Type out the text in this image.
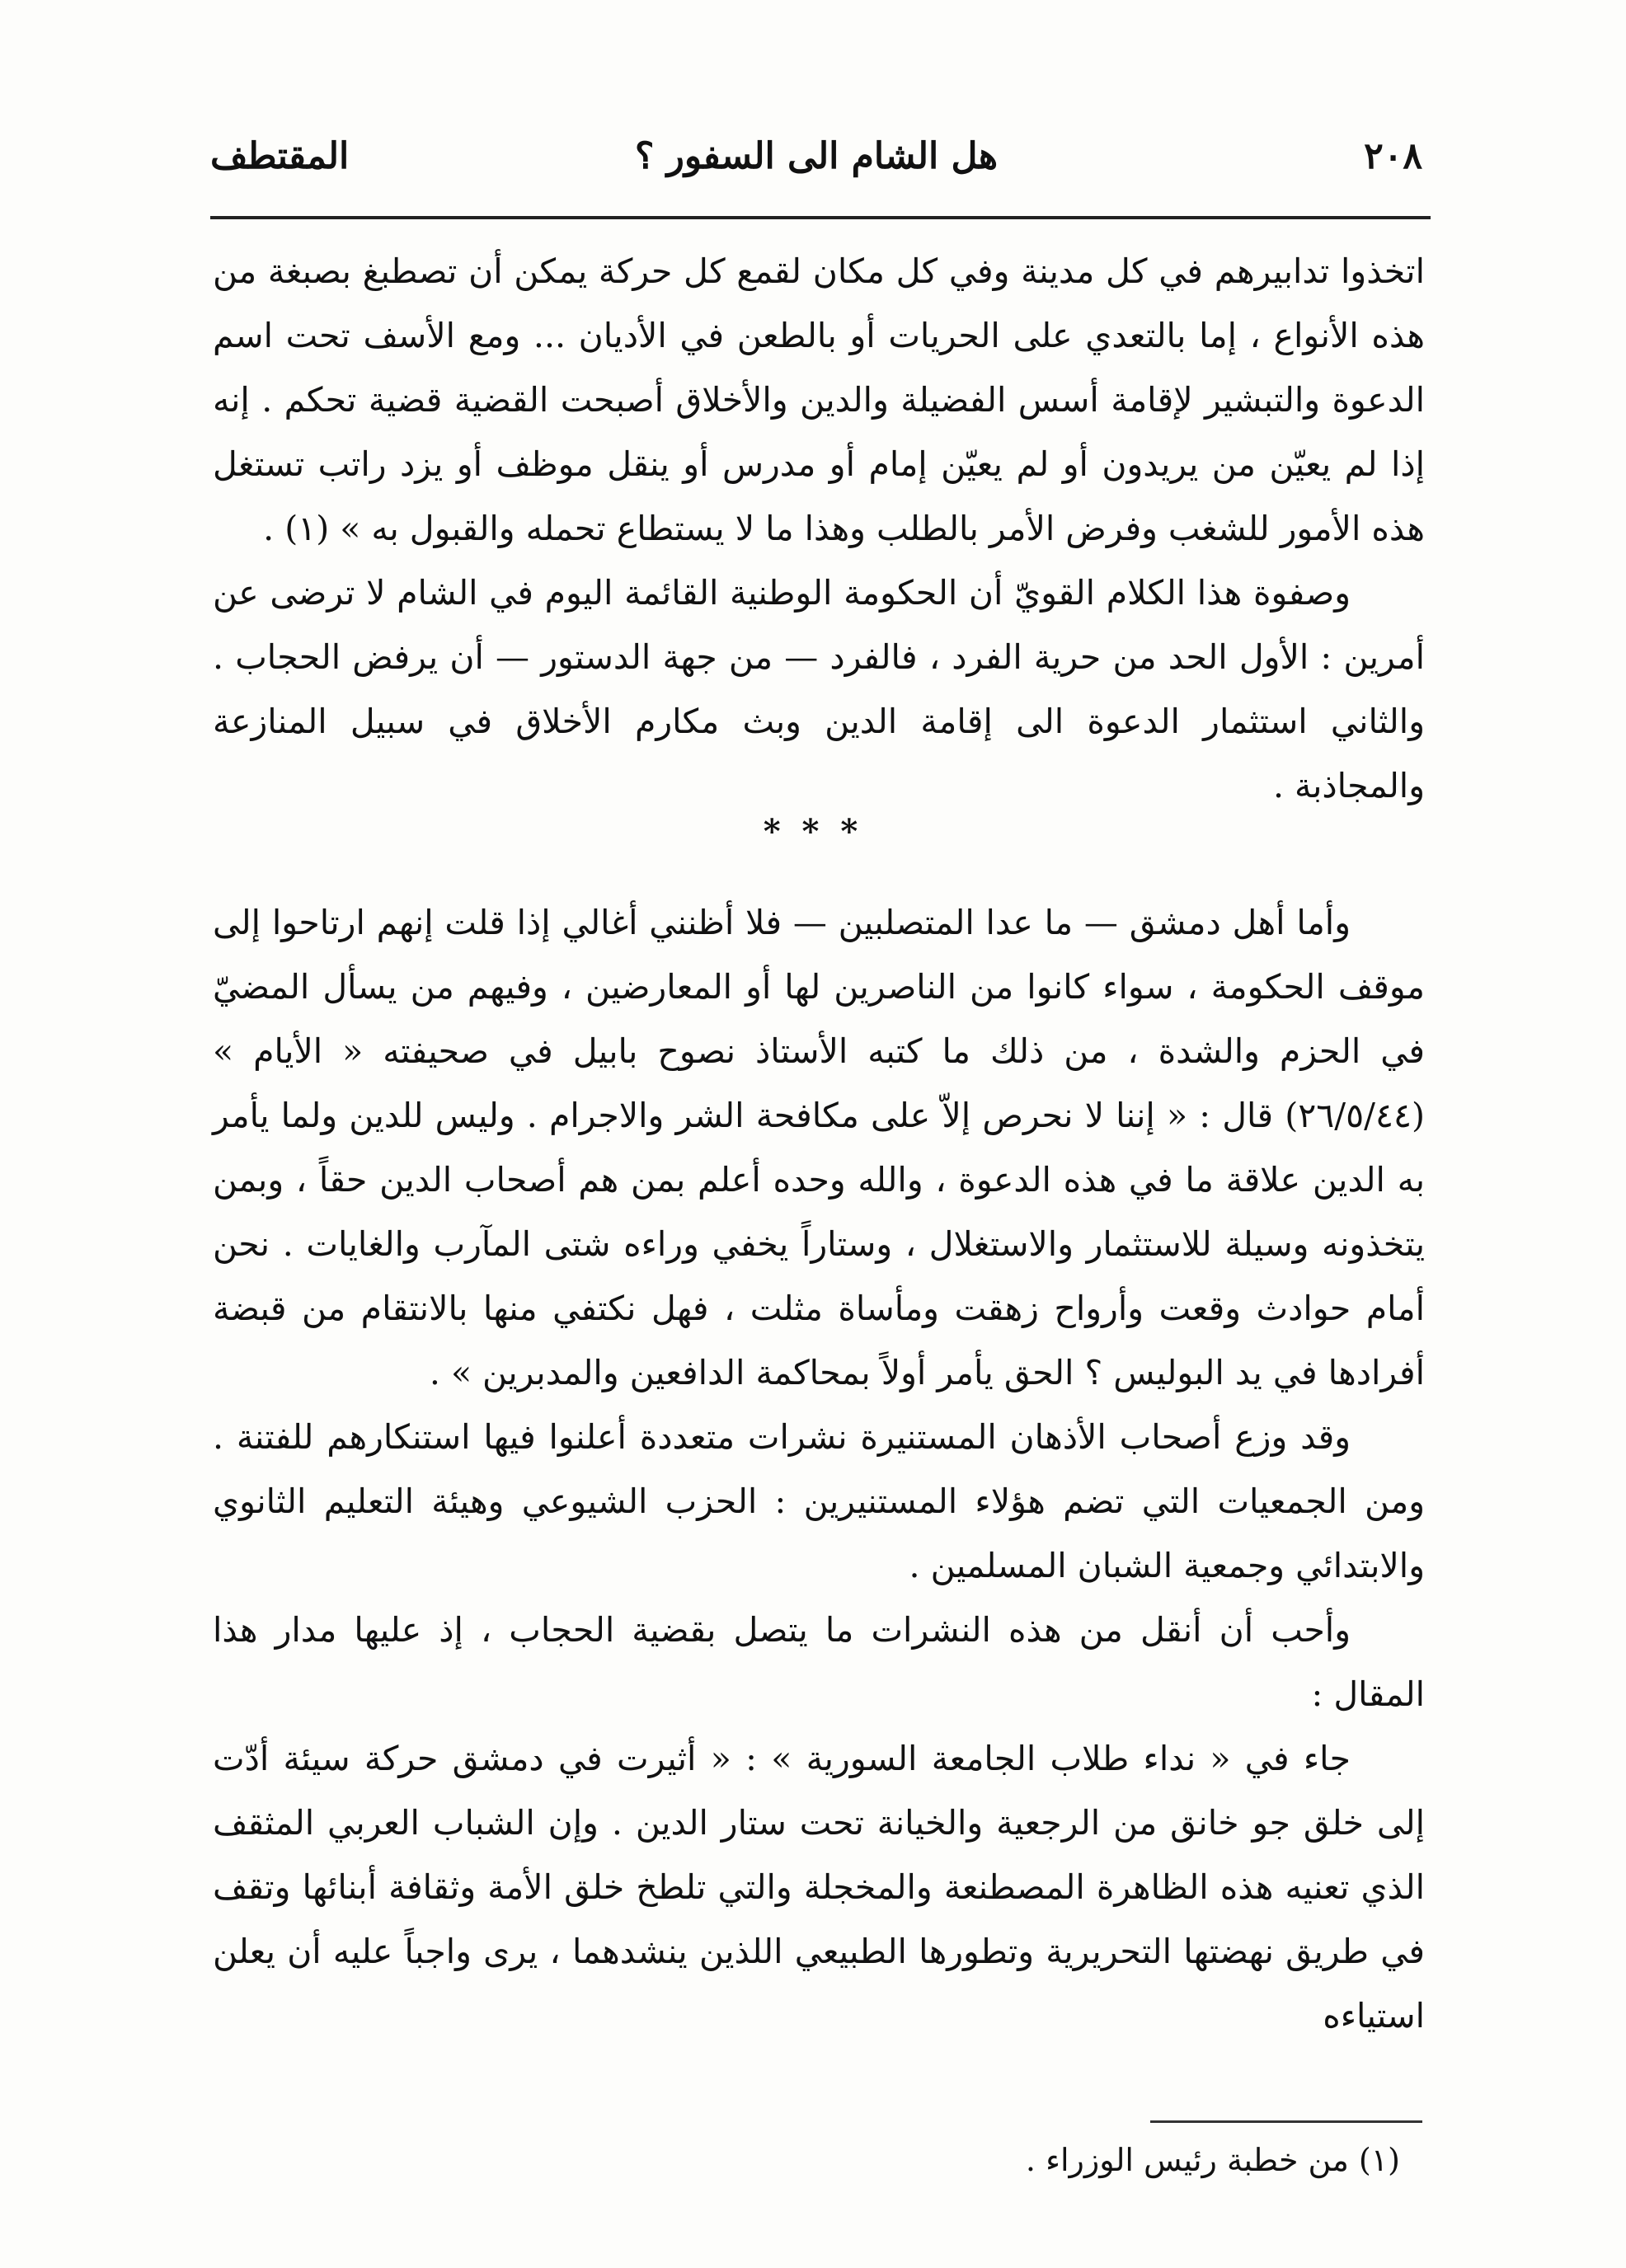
٢٠٨
هل الشام الى السفور ؟
المقتطف

اتخذوا تدابيرهم في كل مدينة وفي كل مكان لقمع كل حركة يمكن أن تصطبغ بصبغة من هذه الأنواع ، إما بالتعدي على الحريات أو بالطعن في الأديان ... ومع الأسف تحت اسم الدعوة والتبشير لإقامة أسس الفضيلة والدين والأخلاق أصبحت القضية قضية تحكم . إنه إذا لم يعيّن من يريدون أو لم يعيّن إمام أو مدرس أو ينقل موظف أو يزد راتب تستغل هذه الأمور للشغب وفرض الأمر بالطلب وهذا ما لا يستطاع تحمله والقبول به » (١) .

وصفوة هذا الكلام القويّ أن الحكومة الوطنية القائمة اليوم في الشام لا ترضى عن أمرين : الأول الحد من حرية الفرد ، فالفرد — من جهة الدستور — أن يرفض الحجاب . والثاني استثمار الدعوة الى إقامة الدين وبث مكارم الأخلاق في سبيل المنازعة والمجاذبة .

* * *

وأما أهل دمشق — ما عدا المتصلبين — فلا أظنني أغالي إذا قلت إنهم ارتاحوا إلى موقف الحكومة ، سواء كانوا من الناصرين لها أو المعارضين ، وفيهم من يسأل المضيّ في الحزم والشدة ، من ذلك ما كتبه الأستاذ نصوح بابيل في صحيفته « الأيام » (٢٦/٥/٤٤) قال : « إننا لا نحرص إلاّ على مكافحة الشر والاجرام . وليس للدين ولما يأمر به الدين علاقة ما في هذه الدعوة ، والله وحده أعلم بمن هم أصحاب الدين حقاً ، وبمن يتخذونه وسيلة للاستثمار والاستغلال ، وستاراً يخفي وراءه شتى المآرب والغايات . نحن أمام حوادث وقعت وأرواح زهقت ومأساة مثلت ، فهل نكتفي منها بالانتقام من قبضة أفرادها في يد البوليس ؟ الحق يأمر أولاً بمحاكمة الدافعين والمدبرين » .

وقد وزع أصحاب الأذهان المستنيرة نشرات متعددة أعلنوا فيها استنكارهم للفتنة . ومن الجمعيات التي تضم هؤلاء المستنيرين : الحزب الشيوعي وهيئة التعليم الثانوي والابتدائي وجمعية الشبان المسلمين .

وأحب أن أنقل من هذه النشرات ما يتصل بقضية الحجاب ، إذ عليها مدار هذا المقال :

جاء في « نداء طلاب الجامعة السورية » : « أثيرت في دمشق حركة سيئة أدّت إلى خلق جو خانق من الرجعية والخيانة تحت ستار الدين . وإن الشباب العربي المثقف الذي تعنيه هذه الظاهرة المصطنعة والمخجلة والتي تلطخ خلق الأمة وثقافة أبنائها وتقف في طريق نهضتها التحريرية وتطورها الطبيعي اللذين ينشدهما ، يرى واجباً عليه أن يعلن استياءه

(١) من خطبة رئيس الوزراء .
